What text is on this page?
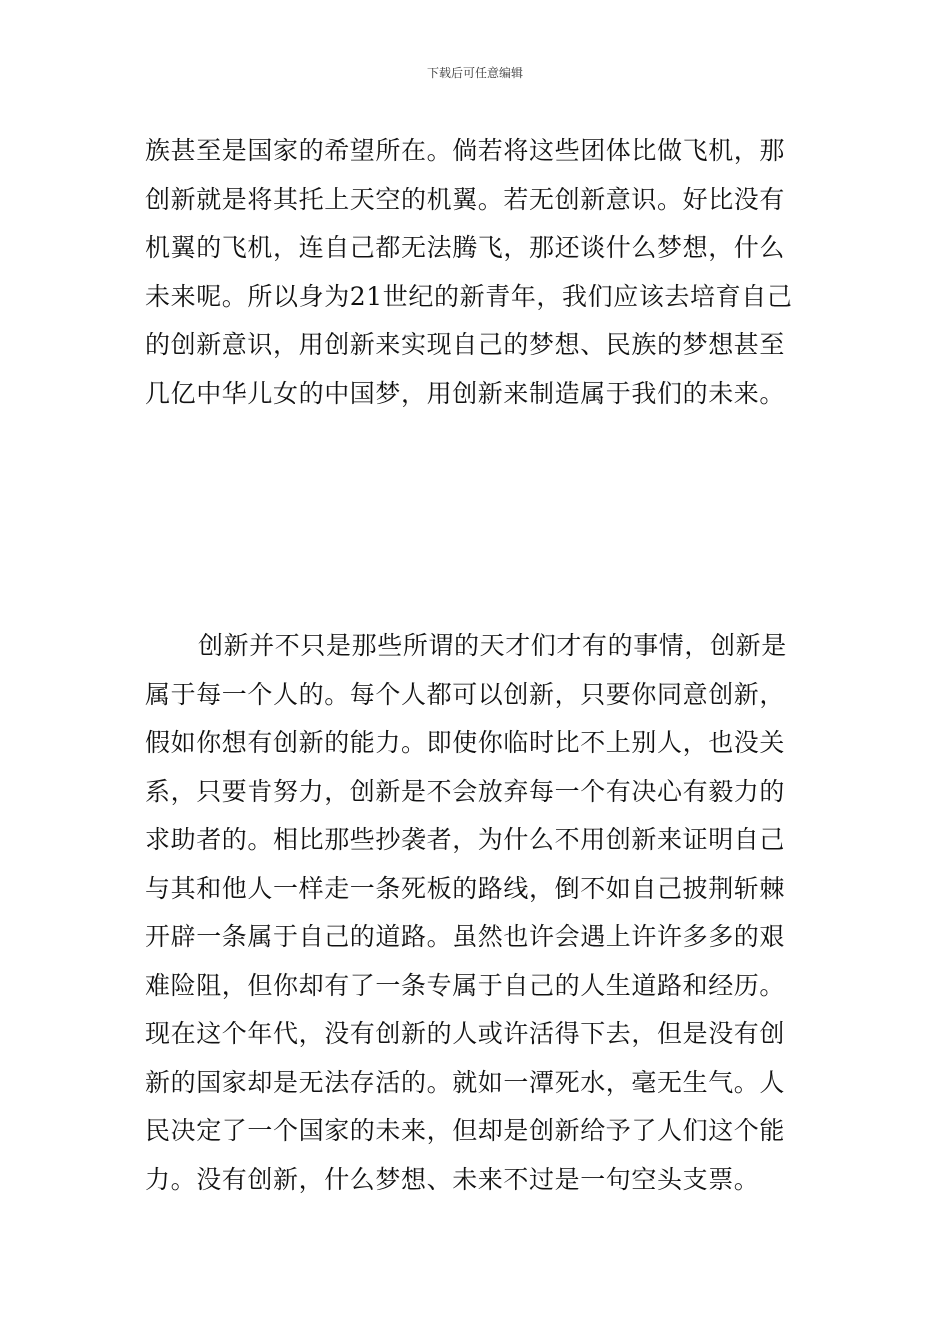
下载后可任意编辑
族甚至是国家的希望所在。倘若将这些团体比做飞机，那
创新就是将其托上天空的机翼。若无创新意识。好比没有
机翼的飞机，连自己都无法腾飞，那还谈什么梦想，什么
未来呢。所以身为21世纪的新青年，我们应该去培育自己
的创新意识，用创新来实现自己的梦想、民族的梦想甚至
几亿中华儿女的中国梦，用创新来制造属于我们的未来。
创新并不只是那些所谓的天才们才有的事情，创新是
属于每一个人的。每个人都可以创新，只要你同意创新，
假如你想有创新的能力。即使你临时比不上别人，也没关
系，只要肯努力，创新是不会放弃每一个有决心有毅力的
求助者的。相比那些抄袭者，为什么不用创新来证明自己
与其和他人一样走一条死板的路线，倒不如自己披荆斩棘
开辟一条属于自己的道路。虽然也许会遇上许许多多的艰
难险阻，但你却有了一条专属于自己的人生道路和经历。
现在这个年代，没有创新的人或许活得下去，但是没有创
新的国家却是无法存活的。就如一潭死水，毫无生气。人
民决定了一个国家的未来，但却是创新给予了人们这个能
力。没有创新，什么梦想、未来不过是一句空头支票。
